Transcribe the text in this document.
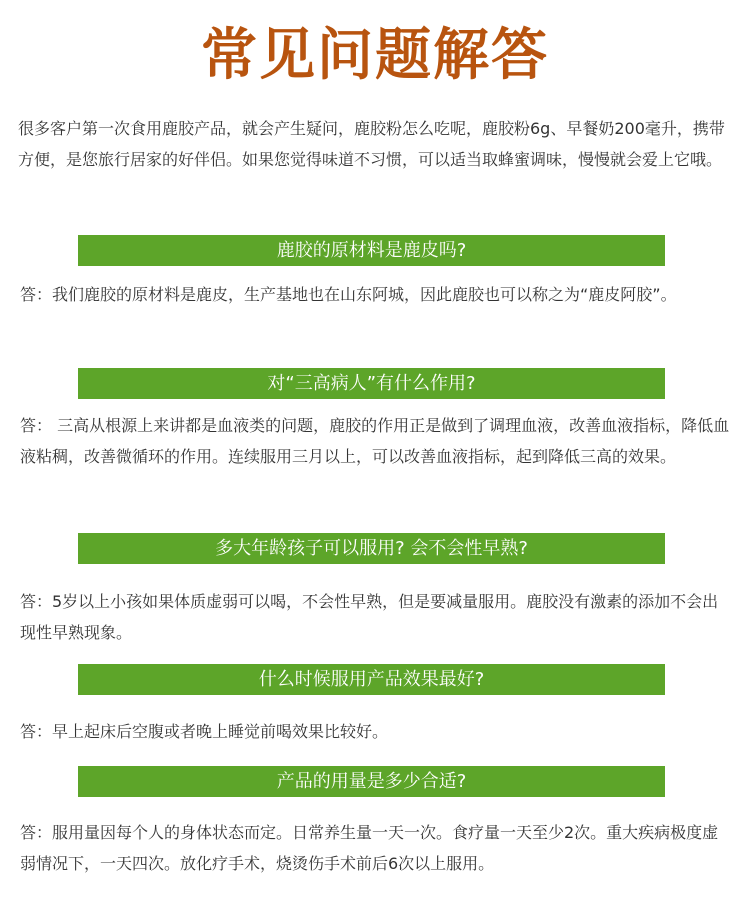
常见问题解答
很多客户第一次食用鹿胶产品，就会产生疑问，鹿胶粉怎么吃呢，鹿胶粉6g、早餐奶200毫升，携带方便，是您旅行居家的好伴侣。如果您觉得味道不习惯，可以适当取蜂蜜调味，慢慢就会爱上它哦。
鹿胶的原材料是鹿皮吗?
答：我们鹿胶的原材料是鹿皮，生产基地也在山东阿城，因此鹿胶也可以称之为“鹿皮阿胶”。
对“三高病人”有什么作用?
答： 三高从根源上来讲都是血液类的问题，鹿胶的作用正是做到了调理血液，改善血液指标，降低血液粘稠，改善微循环的作用。连续服用三月以上，可以改善血液指标，起到降低三高的效果。
多大年龄孩子可以服用? 会不会性早熟?
答：5岁以上小孩如果体质虚弱可以喝，不会性早熟，但是要减量服用。鹿胶没有激素的添加不会出现性早熟现象。
什么时候服用产品效果最好?
答：早上起床后空腹或者晚上睡觉前喝效果比较好。
产品的用量是多少合适?
答：服用量因每个人的身体状态而定。日常养生量一天一次。食疗量一天至少2次。重大疾病极度虚弱情况下，一天四次。放化疗手术，烧烫伤手术前后6次以上服用。
